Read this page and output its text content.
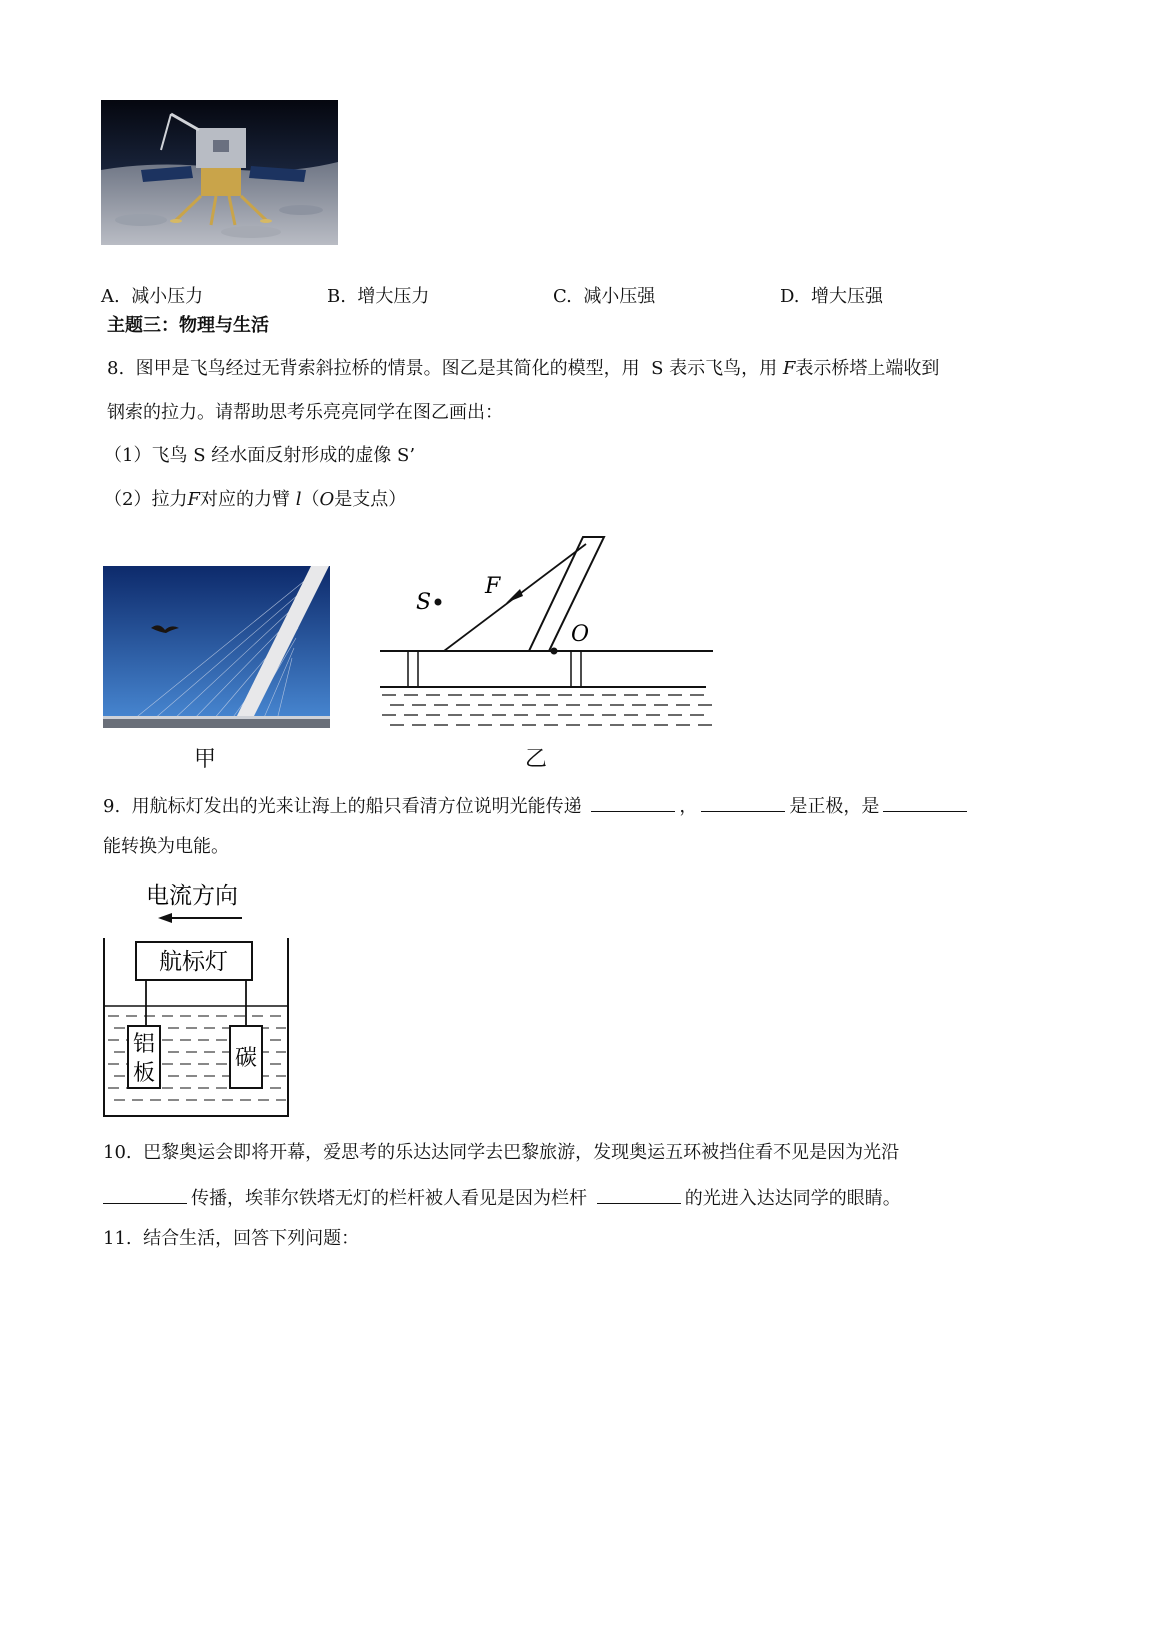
A. 减小压力	B. 增大压力	C. 减小压强	D. 增大压强
主题三：物理与生活
8. 图甲是飞鸟经过无背索斜拉桥的情景。图乙是其简化的模型，用 S 表示飞鸟，用 F表示桥塔上端收到
钢索的拉力。请帮助思考乐亮亮同学在图乙画出：
（1）飞鸟 S 经水面反射形成的虚像 S’
（2）拉力F对应的力臂 l（O是支点）
S
F
O
甲	乙
9. 用航标灯发出的光来让海上的船只看清方位说明光能传递	，	是正极，是
能转换为电能。
电流方向
航标灯
铝
板
碳
10. 巴黎奥运会即将开幕，爱思考的乐达达同学去巴黎旅游，发现奥运五环被挡住看不见是因为光沿
传播，埃菲尔铁塔无灯的栏杆被人看见是因为栏杆	的光进入达达同学的眼睛。
11. 结合生活，回答下列问题：
